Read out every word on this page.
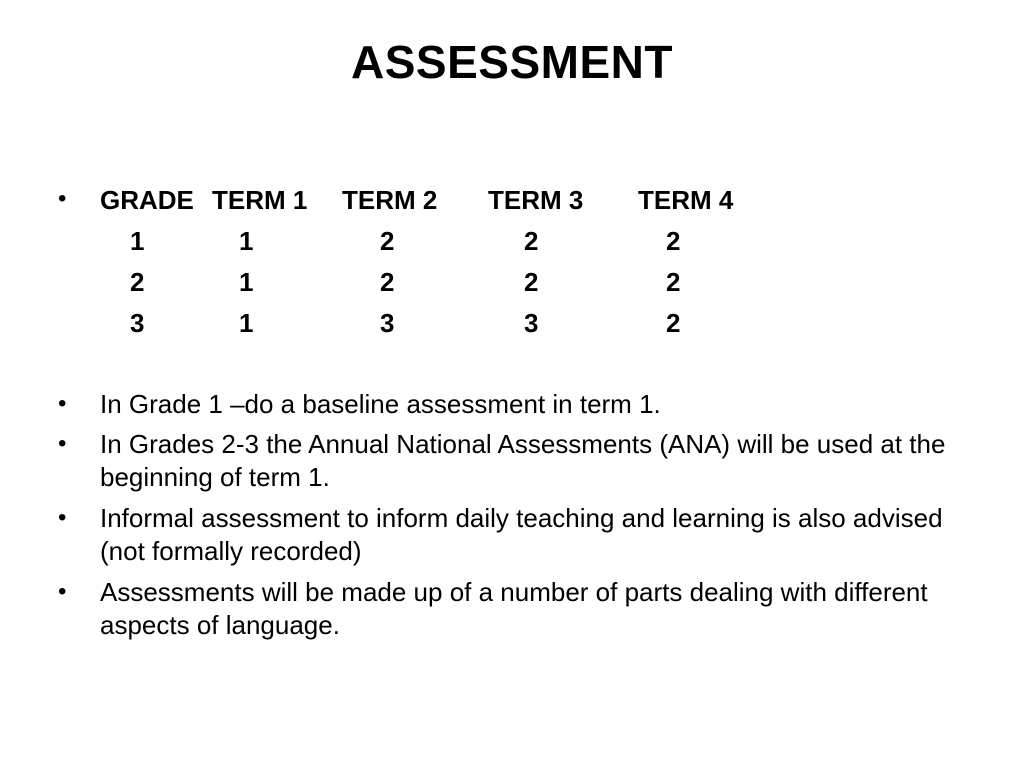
ASSESSMENT
• GRADE	TERM 1	TERM 2	TERM 3	TERM 4
1	1	2	2	2
2	1	2	2	2
3	1	3	3	2
• In Grade 1 –do a baseline assessment in term 1.
• In Grades 2-3 the Annual National Assessments (ANA) will be used at the beginning of term 1.
• Informal assessment to inform daily teaching and learning is also advised (not formally recorded)
• Assessments will be made up of a number of parts dealing with different aspects of language.
